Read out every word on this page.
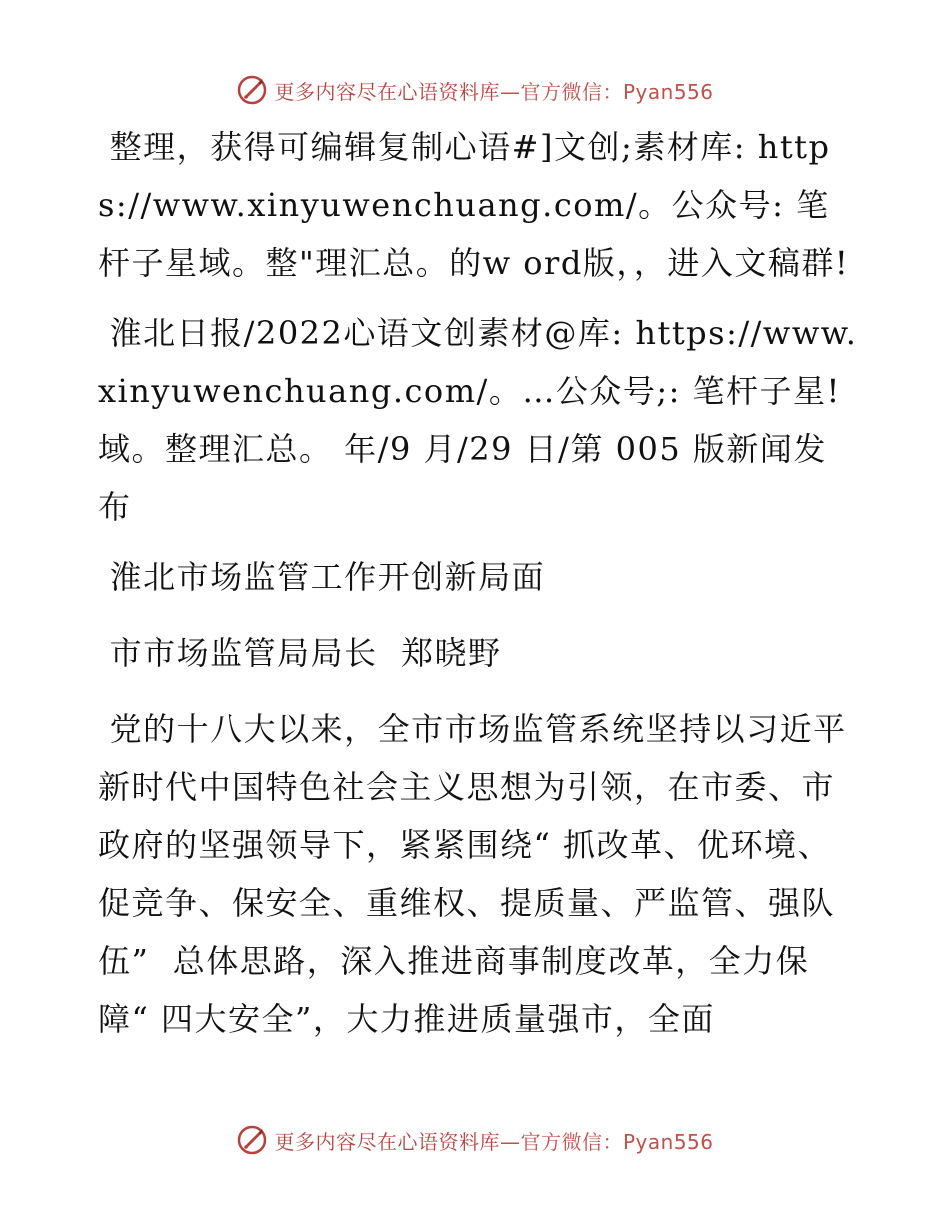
更多内容尽在心语资料库—官方微信：Pyan556

整理，获得可编辑复制心语#]文创;素材库: https://www.xinyuwenchuang.com/。公众号: 笔杆子星域。整"理汇总。的w ord版，，进入文稿群!

淮北日报/2022心语文创素材@库: https://www.xinyuwenchuang.com/。…公众号;: 笔杆子星! 域。整理汇总。 年/9 月/29 日/第 005 版新闻发布

淮北市场监管工作开创新局面

市市场监管局局长  郑晓野

党的十八大以来，全市市场监管系统坚持以习近平新时代中国特色社会主义思想为引领，在市委、市政府的坚强领导下，紧紧围绕“ 抓改革、优环境、促竞争、保安全、重维权、提质量、严监管、强队伍”  总体思路，深入推进商事制度改革，全力保障“ 四大安全”，大力推进质量强市，全面

更多内容尽在心语资料库—官方微信：Pyan556
